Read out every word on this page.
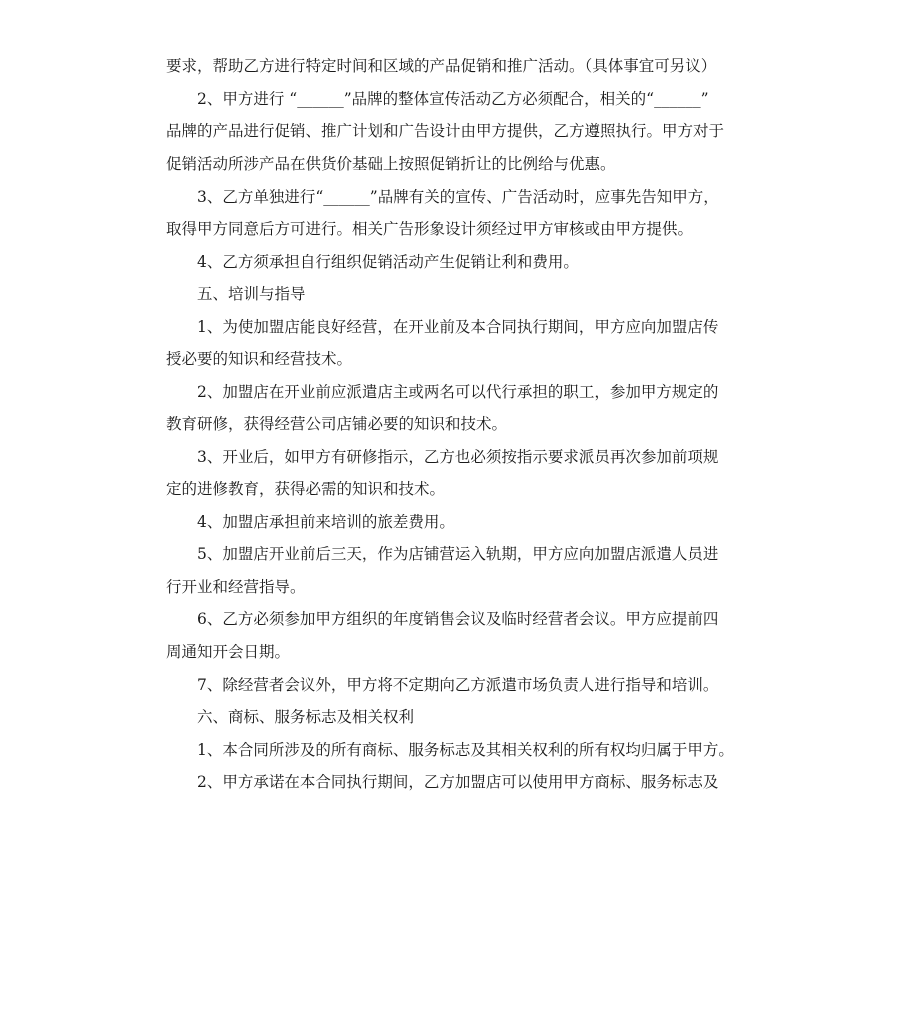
要求，帮助乙方进行特定时间和区域的产品促销和推广活动。（具体事宜可另议）
2、甲方进行 “______”品牌的整体宣传活动乙方必须配合，相关的“______”
品牌的产品进行促销、推广计划和广告设计由甲方提供，乙方遵照执行。甲方对于
促销活动所涉产品在供货价基础上按照促销折让的比例给与优惠。
3、乙方单独进行“______”品牌有关的宣传、广告活动时，应事先告知甲方，
取得甲方同意后方可进行。相关广告形象设计须经过甲方审核或由甲方提供。
4、乙方须承担自行组织促销活动产生促销让利和费用。
五、培训与指导
1、为使加盟店能良好经营，在开业前及本合同执行期间，甲方应向加盟店传
授必要的知识和经营技术。
2、加盟店在开业前应派遣店主或两名可以代行承担的职工，参加甲方规定的
教育研修，获得经营公司店铺必要的知识和技术。
3、开业后，如甲方有研修指示，乙方也必须按指示要求派员再次参加前项规
定的进修教育，获得必需的知识和技术。
4、加盟店承担前来培训的旅差费用。
5、加盟店开业前后三天，作为店铺营运入轨期，甲方应向加盟店派遣人员进
行开业和经营指导。
6、乙方必须参加甲方组织的年度销售会议及临时经营者会议。甲方应提前四
周通知开会日期。
7、除经营者会议外，甲方将不定期向乙方派遣市场负责人进行指导和培训。
六、商标、服务标志及相关权利
1、本合同所涉及的所有商标、服务标志及其相关权利的所有权均归属于甲方。
2、甲方承诺在本合同执行期间，乙方加盟店可以使用甲方商标、服务标志及
